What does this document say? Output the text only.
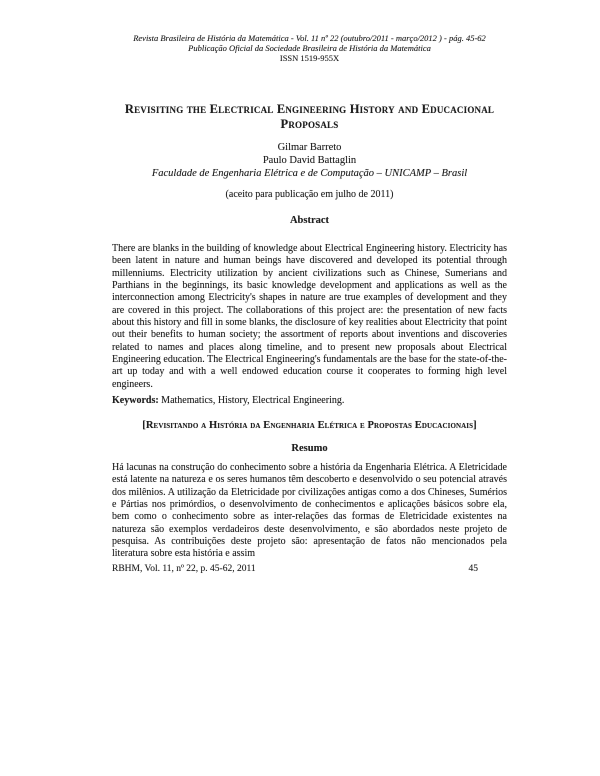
Revista Brasileira de História da Matemática - Vol. 11 nº 22 (outubro/2011 - março/2012 ) - pág. 45-62
Publicação Oficial da Sociedade Brasileira de História da Matemática
ISSN 1519-955X
Revisiting the Electrical Engineering History and Educacional
Proposals
Gilmar Barreto
Paulo David Battaglin
Faculdade de Engenharia Elétrica e de Computação – UNICAMP – Brasil
(aceito para publicação em julho de 2011)
Abstract
There are blanks in the building of knowledge about Electrical Engineering history. Electricity has been latent in nature and human beings have discovered and developed its potential through millenniums. Electricity utilization by ancient civilizations such as Chinese, Sumerians and Parthians in the beginnings, its basic knowledge development and applications as well as the interconnection among Electricity's shapes in nature are true examples of development and they are covered in this project. The collaborations of this project are: the presentation of new facts about this history and fill in some blanks, the disclosure of key realities about Electricity that point out their benefits to human society; the assortment of reports about inventions and discoveries related to names and places along timeline, and to present new proposals about Electrical Engineering education. The Electrical Engineering's fundamentals are the base for the state-of-the-art up today and with a well endowed education course it cooperates to forming high level engineers.
Keywords: Mathematics, History, Electrical Engineering.
[Revisitando a História da Engenharia Elétrica e Propostas Educacionais]
Resumo
Há lacunas na construção do conhecimento sobre a história da Engenharia Elétrica. A Eletricidade está latente na natureza e os seres humanos têm descoberto e desenvolvido o seu potencial através dos milênios. A utilização da Eletricidade por civilizações antigas como a dos Chineses, Sumérios e Pártias nos primórdios, o desenvolvimento de conhecimentos e aplicações básicos sobre ela, bem como o conhecimento sobre as inter-relações das formas de Eletricidade existentes na natureza são exemplos verdadeiros deste desenvolvimento, e são abordados neste projeto de pesquisa. As contribuições deste projeto são: apresentação de fatos não mencionados pela literatura sobre esta história e assim
RBHM, Vol. 11, nº 22, p. 45-62, 2011	45
